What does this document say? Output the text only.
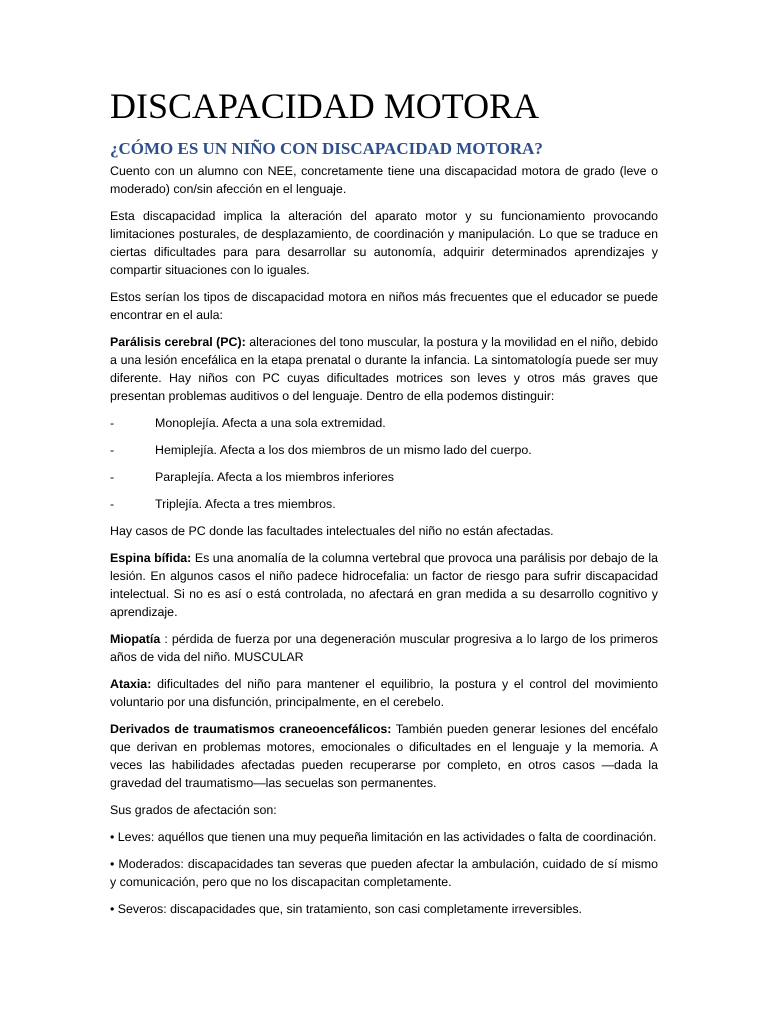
DISCAPACIDAD MOTORA
¿CÓMO ES UN NIÑO CON DISCAPACIDAD MOTORA?

Cuento con un alumno con NEE, concretamente tiene una discapacidad motora de grado (leve o moderado) con/sin afección en el lenguaje.

Esta discapacidad implica la alteración del aparato motor y su funcionamiento provocando limitaciones posturales, de desplazamiento, de coordinación y manipulación. Lo que se traduce en ciertas dificultades para para desarrollar su autonomía, adquirir determinados aprendizajes y compartir situaciones con lo iguales.

Estos serían los tipos de discapacidad motora en niños más frecuentes que el educador se puede encontrar en el aula:

Parálisis cerebral (PC): alteraciones del tono muscular, la postura y la movilidad en el niño, debido a una lesión encefálica en la etapa prenatal o durante la infancia. La sintomatología puede ser muy diferente. Hay niños con PC cuyas dificultades motrices son leves y otros más graves que presentan problemas auditivos o del lenguaje. Dentro de ella podemos distinguir:

-	Monoplejía. Afecta a una sola extremidad.
-	Hemiplejía. Afecta a los dos miembros de un mismo lado del cuerpo.
-	Paraplejía. Afecta a los miembros inferiores
-	Triplejía. Afecta a tres miembros.

Hay casos de PC donde las facultades intelectuales del niño no están afectadas.

Espina bífida: Es una anomalía de la columna vertebral que provoca una parálisis por debajo de la lesión. En algunos casos el niño padece hidrocefalia: un factor de riesgo para sufrir discapacidad intelectual. Si no es así o está controlada, no afectará en gran medida a su desarrollo cognitivo y aprendizaje.

Miopatía : pérdida de fuerza por una degeneración muscular progresiva a lo largo de los primeros años de vida del niño. MUSCULAR

Ataxia: dificultades del niño para mantener el equilibrio, la postura y el control del movimiento voluntario por una disfunción, principalmente, en el cerebelo.

Derivados de traumatismos craneoencefálicos: También pueden generar lesiones del encéfalo que derivan en problemas motores, emocionales o dificultades en el lenguaje y la memoria. A veces las habilidades afectadas pueden recuperarse por completo, en otros casos —dada la gravedad del traumatismo—las secuelas son permanentes.

Sus grados de afectación son:

• Leves: aquéllos que tienen una muy pequeña limitación en las actividades o falta de coordinación.

• Moderados: discapacidades tan severas que pueden afectar la ambulación, cuidado de sí mismo y comunicación, pero que no los discapacitan completamente.

• Severos: discapacidades que, sin tratamiento, son casi completamente irreversibles.
